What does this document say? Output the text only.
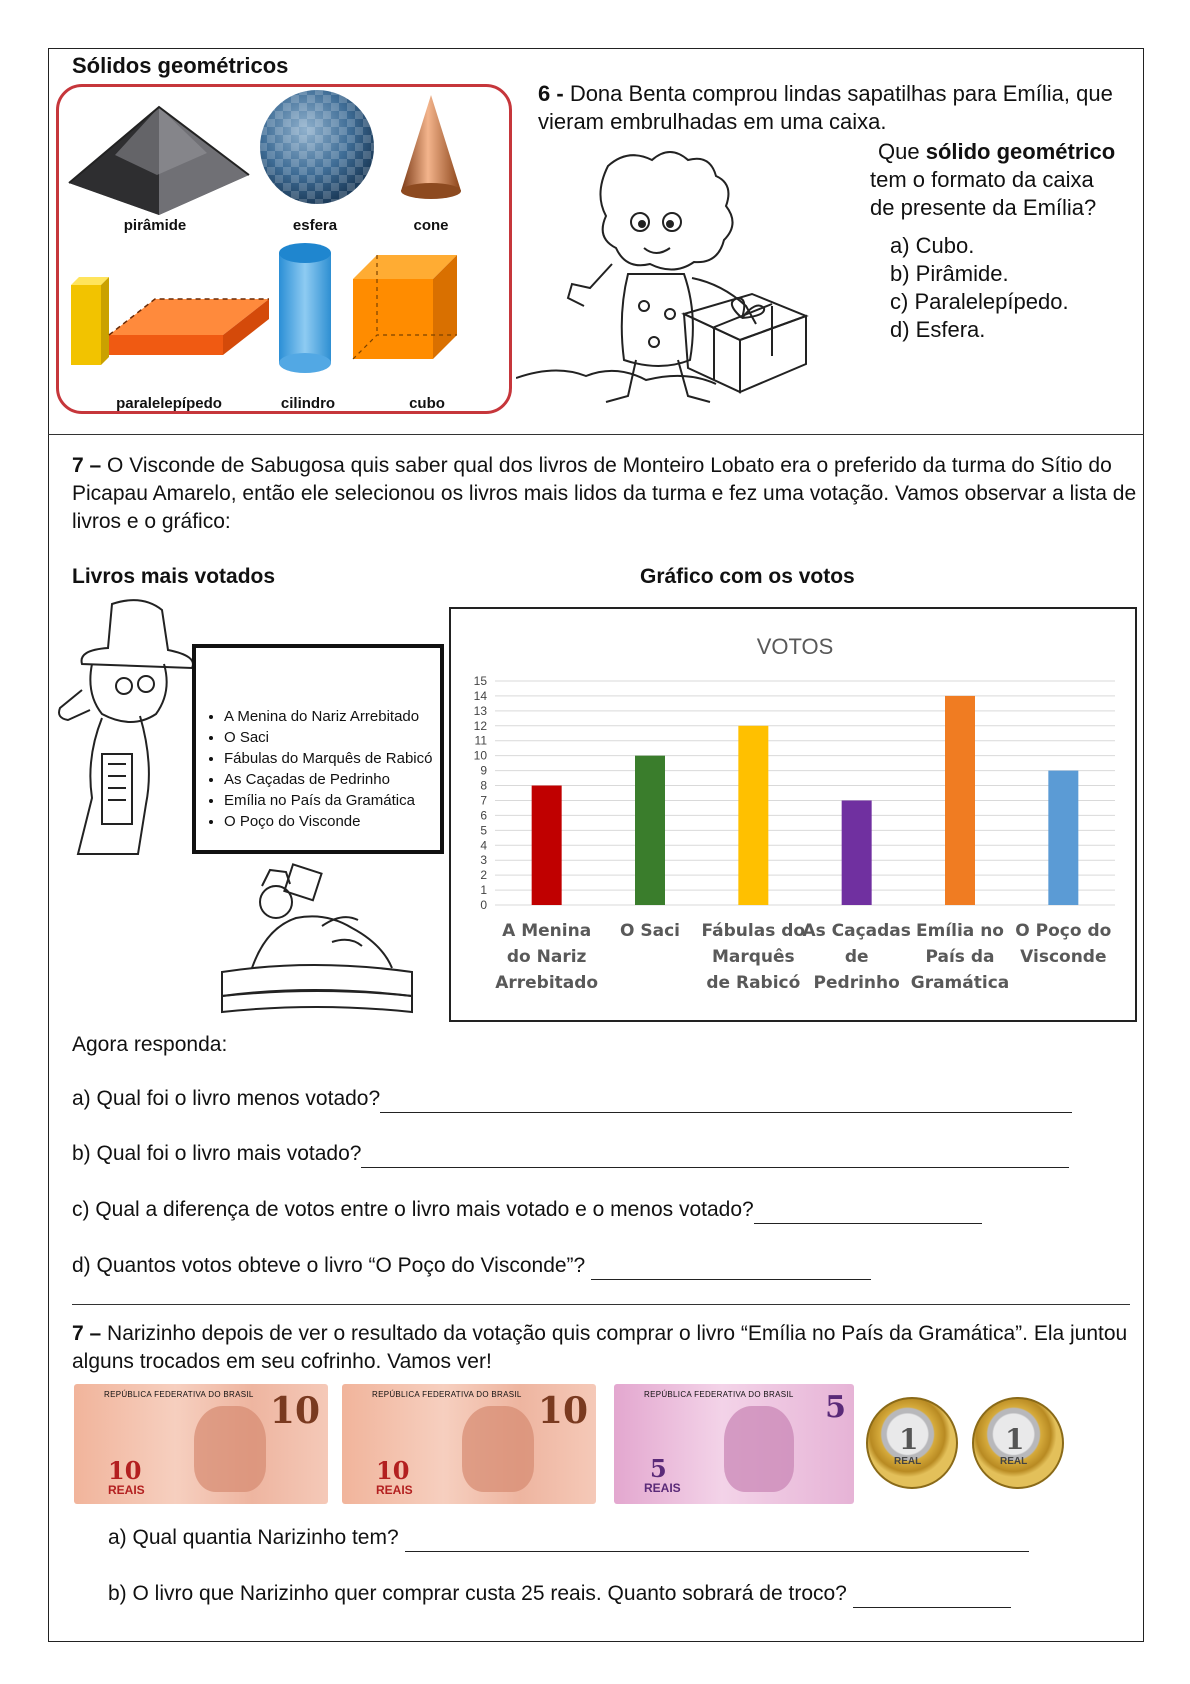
Sólidos geométricos
pirâmide	esfera	cone
paralelepípedo	cilindro	cubo
6 - Dona Benta comprou lindas sapatilhas para Emília, que vieram embrulhadas em uma caixa.
Que sólido geométrico
tem o formato da caixa
de presente da Emília?
a) Cubo.
b) Pirâmide.
c) Paralelepípedo.
d) Esfera.
7 – O Visconde de Sabugosa quis saber qual dos livros de Monteiro Lobato era o preferido da turma do Sítio do Picapau Amarelo, então ele selecionou os livros mais lidos da turma e fez uma votação. Vamos observar a lista de livros e o gráfico:
Livros mais votados	Gráfico com os votos
• A Menina do Nariz Arrebitado
• O Saci
• Fábulas do Marquês de Rabicó
• As Caçadas de Pedrinho
• Emília no País da Gramática
• O Poço do Visconde
VOTOS
0
1
2
3
4
5
6
7
8
9
10
11
12
13
14
15
A Menina do Nariz Arrebitado
O Saci Fábulas do Marquês de Rabicó
As Caçadas de Pedrinho
Emília no País da Gramática
O Poço do Visconde
Agora responda:
a) Qual foi o livro menos votado?
b) Qual foi o livro mais votado?
c) Qual a diferença de votos entre o livro mais votado e o menos votado?
d) Quantos votos obteve o livro “O Poço do Visconde”?
7 – Narizinho depois de ver o resultado da votação quis comprar o livro “Emília no País da Gramática”. Ela juntou alguns trocados em seu cofrinho. Vamos ver!
REPÚBLICA FEDERATIVA DO BRASIL 10
10
REAIS
REPÚBLICA FEDERATIVA DO BRASIL 10
10
REAIS
REPÚBLICA FEDERATIVA DO BRASIL 5
5
REAIS
1
REAL
1
REAL
a) Qual quantia Narizinho tem?
b) O livro que Narizinho quer comprar custa 25 reais. Quanto sobrará de troco?
